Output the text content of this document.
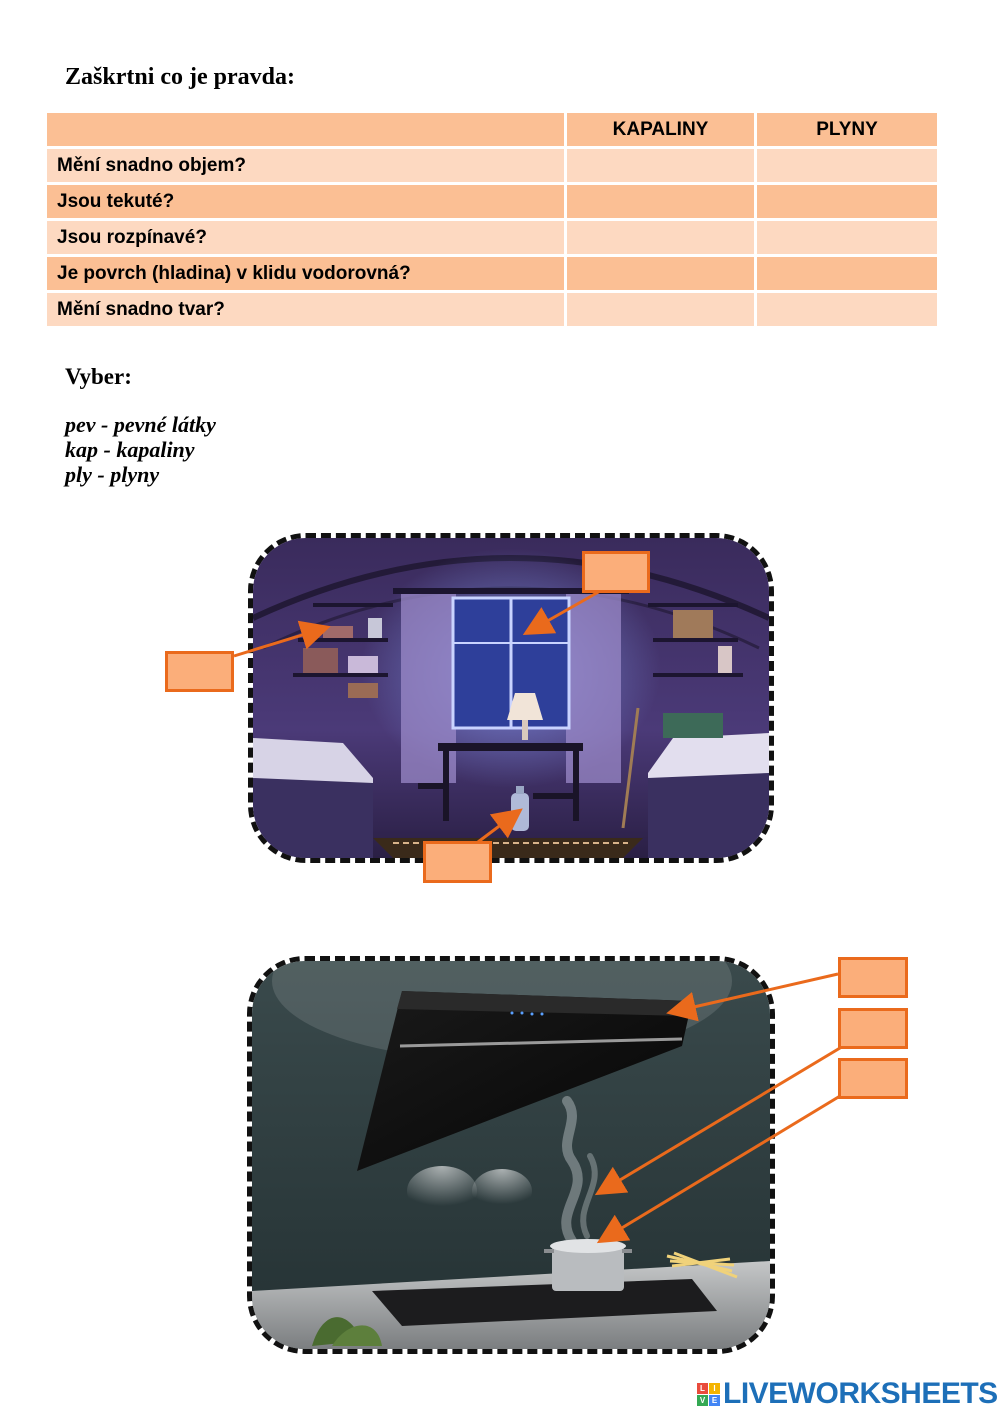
Zaškrtni co je pravda:
	KAPALINY	PLYNY
Mění snadno objem?		
Jsou tekuté?		
Jsou rozpínavé?		
Je povrch (hladina) v klidu vodorovná?		
Mění snadno tvar?		
Vyber:
pev - pevné látky
kap - kapaliny
ply - plyny
L	I
V E LIVEWORKSHEETS
